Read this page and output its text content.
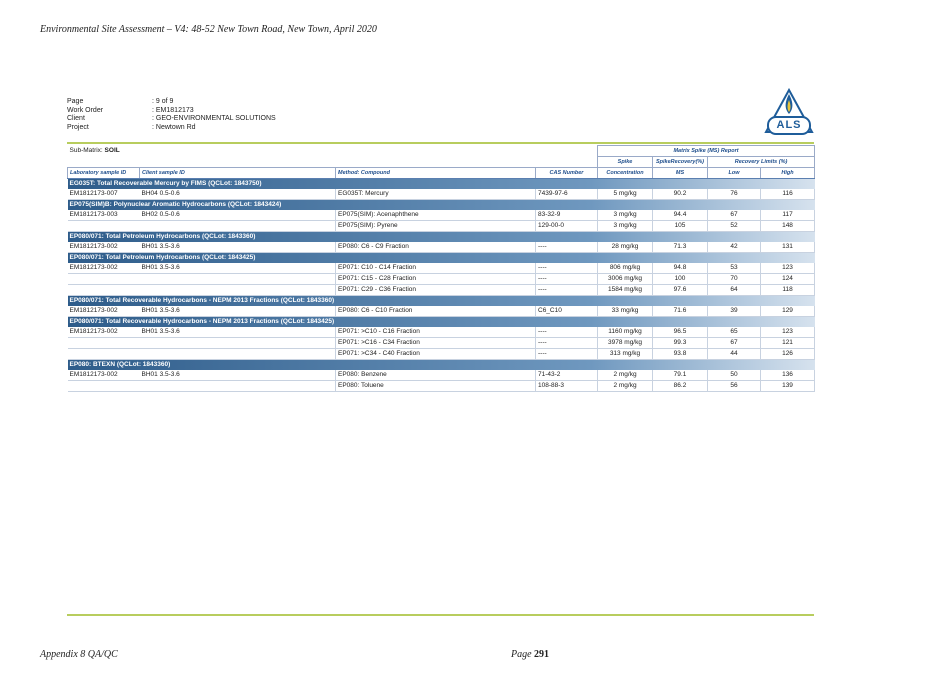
Environmental Site Assessment – V4: 48-52 New Town Road, New Town, April 2020
Page	: 9 of 9
Work Order	: EM1812173
Client	: GEO-ENVIRONMENTAL SOLUTIONS
Project	: Newtown Rd	ALS
Sub-Matrix: SOIL				Matrix Spike (MS) Report			
				Spike	SpikeRecovery(%)	Recovery Limits (%)	
Laboratory sample ID	Client sample ID	Method: Compound	CAS Number	Concentration	MS	Low	High
EG035T: Total Recoverable Mercury by FIMS (QCLot: 1843750)							
EM1812173-007	BH04 0.5-0.6	EG035T: Mercury	7439-97-6	5 mg/kg	90.2	76	116
EP075(SIM)B: Polynuclear Aromatic Hydrocarbons (QCLot: 1843424)							
EM1812173-003	BH02 0.5-0.6	EP075(SIM): Acenaphthene	83-32-9	3 mg/kg	94.4	67	117
		EP075(SIM): Pyrene	129-00-0	3 mg/kg	105	52	148
EP080/071: Total Petroleum Hydrocarbons (QCLot: 1843360)							
EM1812173-002	BH01 3.5-3.6	EP080: C6 - C9 Fraction	----	28 mg/kg	71.3	42	131
EP080/071: Total Petroleum Hydrocarbons (QCLot: 1843425)							
EM1812173-002	BH01 3.5-3.6	EP071: C10 - C14 Fraction	----	806 mg/kg	94.8	53	123
		EP071: C15 - C28 Fraction	----	3006 mg/kg	100	70	124
		EP071: C29 - C36 Fraction	----	1584 mg/kg	97.6	64	118
EP080/071: Total Recoverable Hydrocarbons - NEPM 2013 Fractions (QCLot: 1843360)							
EM1812173-002	BH01 3.5-3.6	EP080: C6 - C10 Fraction	C6_C10	33 mg/kg	71.6	39	129
EP080/071: Total Recoverable Hydrocarbons - NEPM 2013 Fractions (QCLot: 1843425)							
EM1812173-002	BH01 3.5-3.6	EP071: >C10 - C16 Fraction	----	1160 mg/kg	96.5	65	123
		EP071: >C16 - C34 Fraction	----	3978 mg/kg	99.3	67	121
		EP071: >C34 - C40 Fraction	----	313 mg/kg	93.8	44	126
EP080: BTEXN (QCLot: 1843360)							
EM1812173-002	BH01 3.5-3.6	EP080: Benzene	71-43-2	2 mg/kg	79.1	50	136
		EP080: Toluene	108-88-3	2 mg/kg	86.2	56	139
Appendix 8 QA/QC	Page 291
